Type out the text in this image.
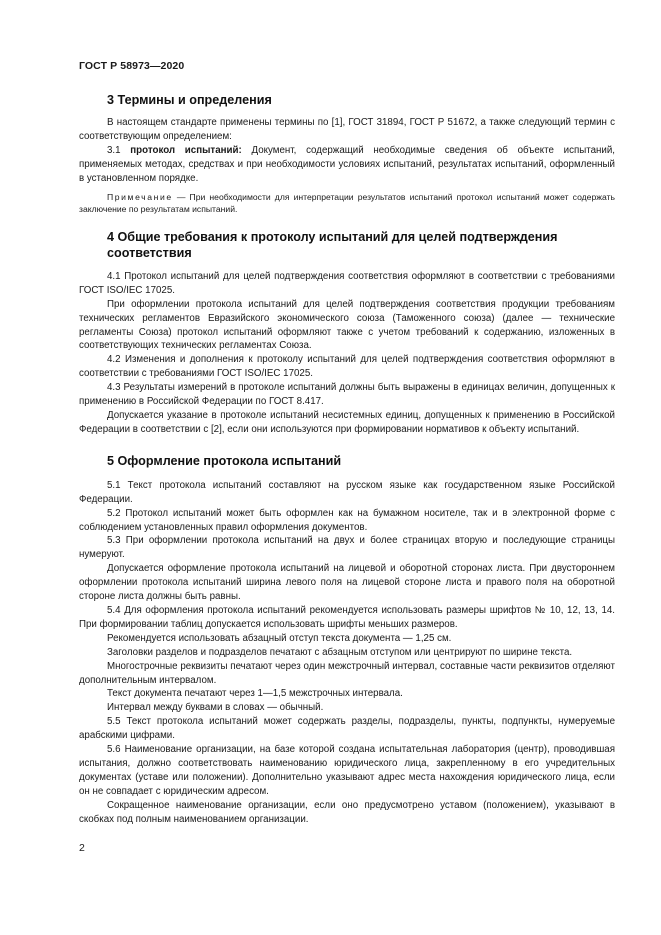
ГОСТ Р 58973—2020
3 Термины и определения

В настоящем стандарте применены термины по [1], ГОСТ 31894, ГОСТ Р 51672, а также следующий термин с соответствующим определением:

3.1 протокол испытаний: Документ, содержащий необходимые сведения об объекте испытаний, применяемых методах, средствах и при необходимости условиях испытаний, результатах испытаний, оформленный в установленном порядке.

Примечание — При необходимости для интерпретации результатов испытаний протокол испытаний может содержать заключение по результатам испытаний.

4 Общие требования к протоколу испытаний для целей подтверждения соответствия

4.1 Протокол испытаний для целей подтверждения соответствия оформляют в соответствии с требованиями ГОСТ ISO/IEC 17025.

При оформлении протокола испытаний для целей подтверждения соответствия продукции требованиям технических регламентов Евразийского экономического союза (Таможенного союза) (далее — технические регламенты Союза) протокол испытаний оформляют также с учетом требований к содержанию, изложенных в соответствующих технических регламентах Союза.

4.2 Изменения и дополнения к протоколу испытаний для целей подтверждения соответствия оформляют в соответствии с требованиями ГОСТ ISO/IEC 17025.

4.3 Результаты измерений в протоколе испытаний должны быть выражены в единицах величин, допущенных к применению в Российской Федерации по ГОСТ 8.417.

Допускается указание в протоколе испытаний несистемных единиц, допущенных к применению в Российской Федерации в соответствии с [2], если они используются при формировании нормативов к объекту испытаний.

5 Оформление протокола испытаний

5.1 Текст протокола испытаний составляют на русском языке как государственном языке Российской Федерации.

5.2 Протокол испытаний может быть оформлен как на бумажном носителе, так и в электронной форме с соблюдением установленных правил оформления документов.

5.3 При оформлении протокола испытаний на двух и более страницах вторую и последующие страницы нумеруют.

Допускается оформление протокола испытаний на лицевой и оборотной сторонах листа. При двустороннем оформлении протокола испытаний ширина левого поля на лицевой стороне листа и правого поля на оборотной стороне листа должны быть равны.

5.4 Для оформления протокола испытаний рекомендуется использовать размеры шрифтов № 10, 12, 13, 14. При формировании таблиц допускается использовать шрифты меньших размеров.

Рекомендуется использовать абзацный отступ текста документа — 1,25 см.

Заголовки разделов и подразделов печатают с абзацным отступом или центрируют по ширине текста.

Многострочные реквизиты печатают через один межстрочный интервал, составные части реквизитов отделяют дополнительным интервалом.

Текст документа печатают через 1—1,5 межстрочных интервала.

Интервал между буквами в словах — обычный.

5.5 Текст протокола испытаний может содержать разделы, подразделы, пункты, подпункты, нумеруемые арабскими цифрами.

5.6 Наименование организации, на базе которой создана испытательная лаборатория (центр), проводившая испытания, должно соответствовать наименованию юридического лица, закрепленному в его учредительных документах (уставе или положении). Дополнительно указывают адрес места нахождения юридического лица, если он не совпадает с юридическим адресом.

Сокращенное наименование организации, если оно предусмотрено уставом (положением), указывают в скобках под полным наименованием организации.

2
